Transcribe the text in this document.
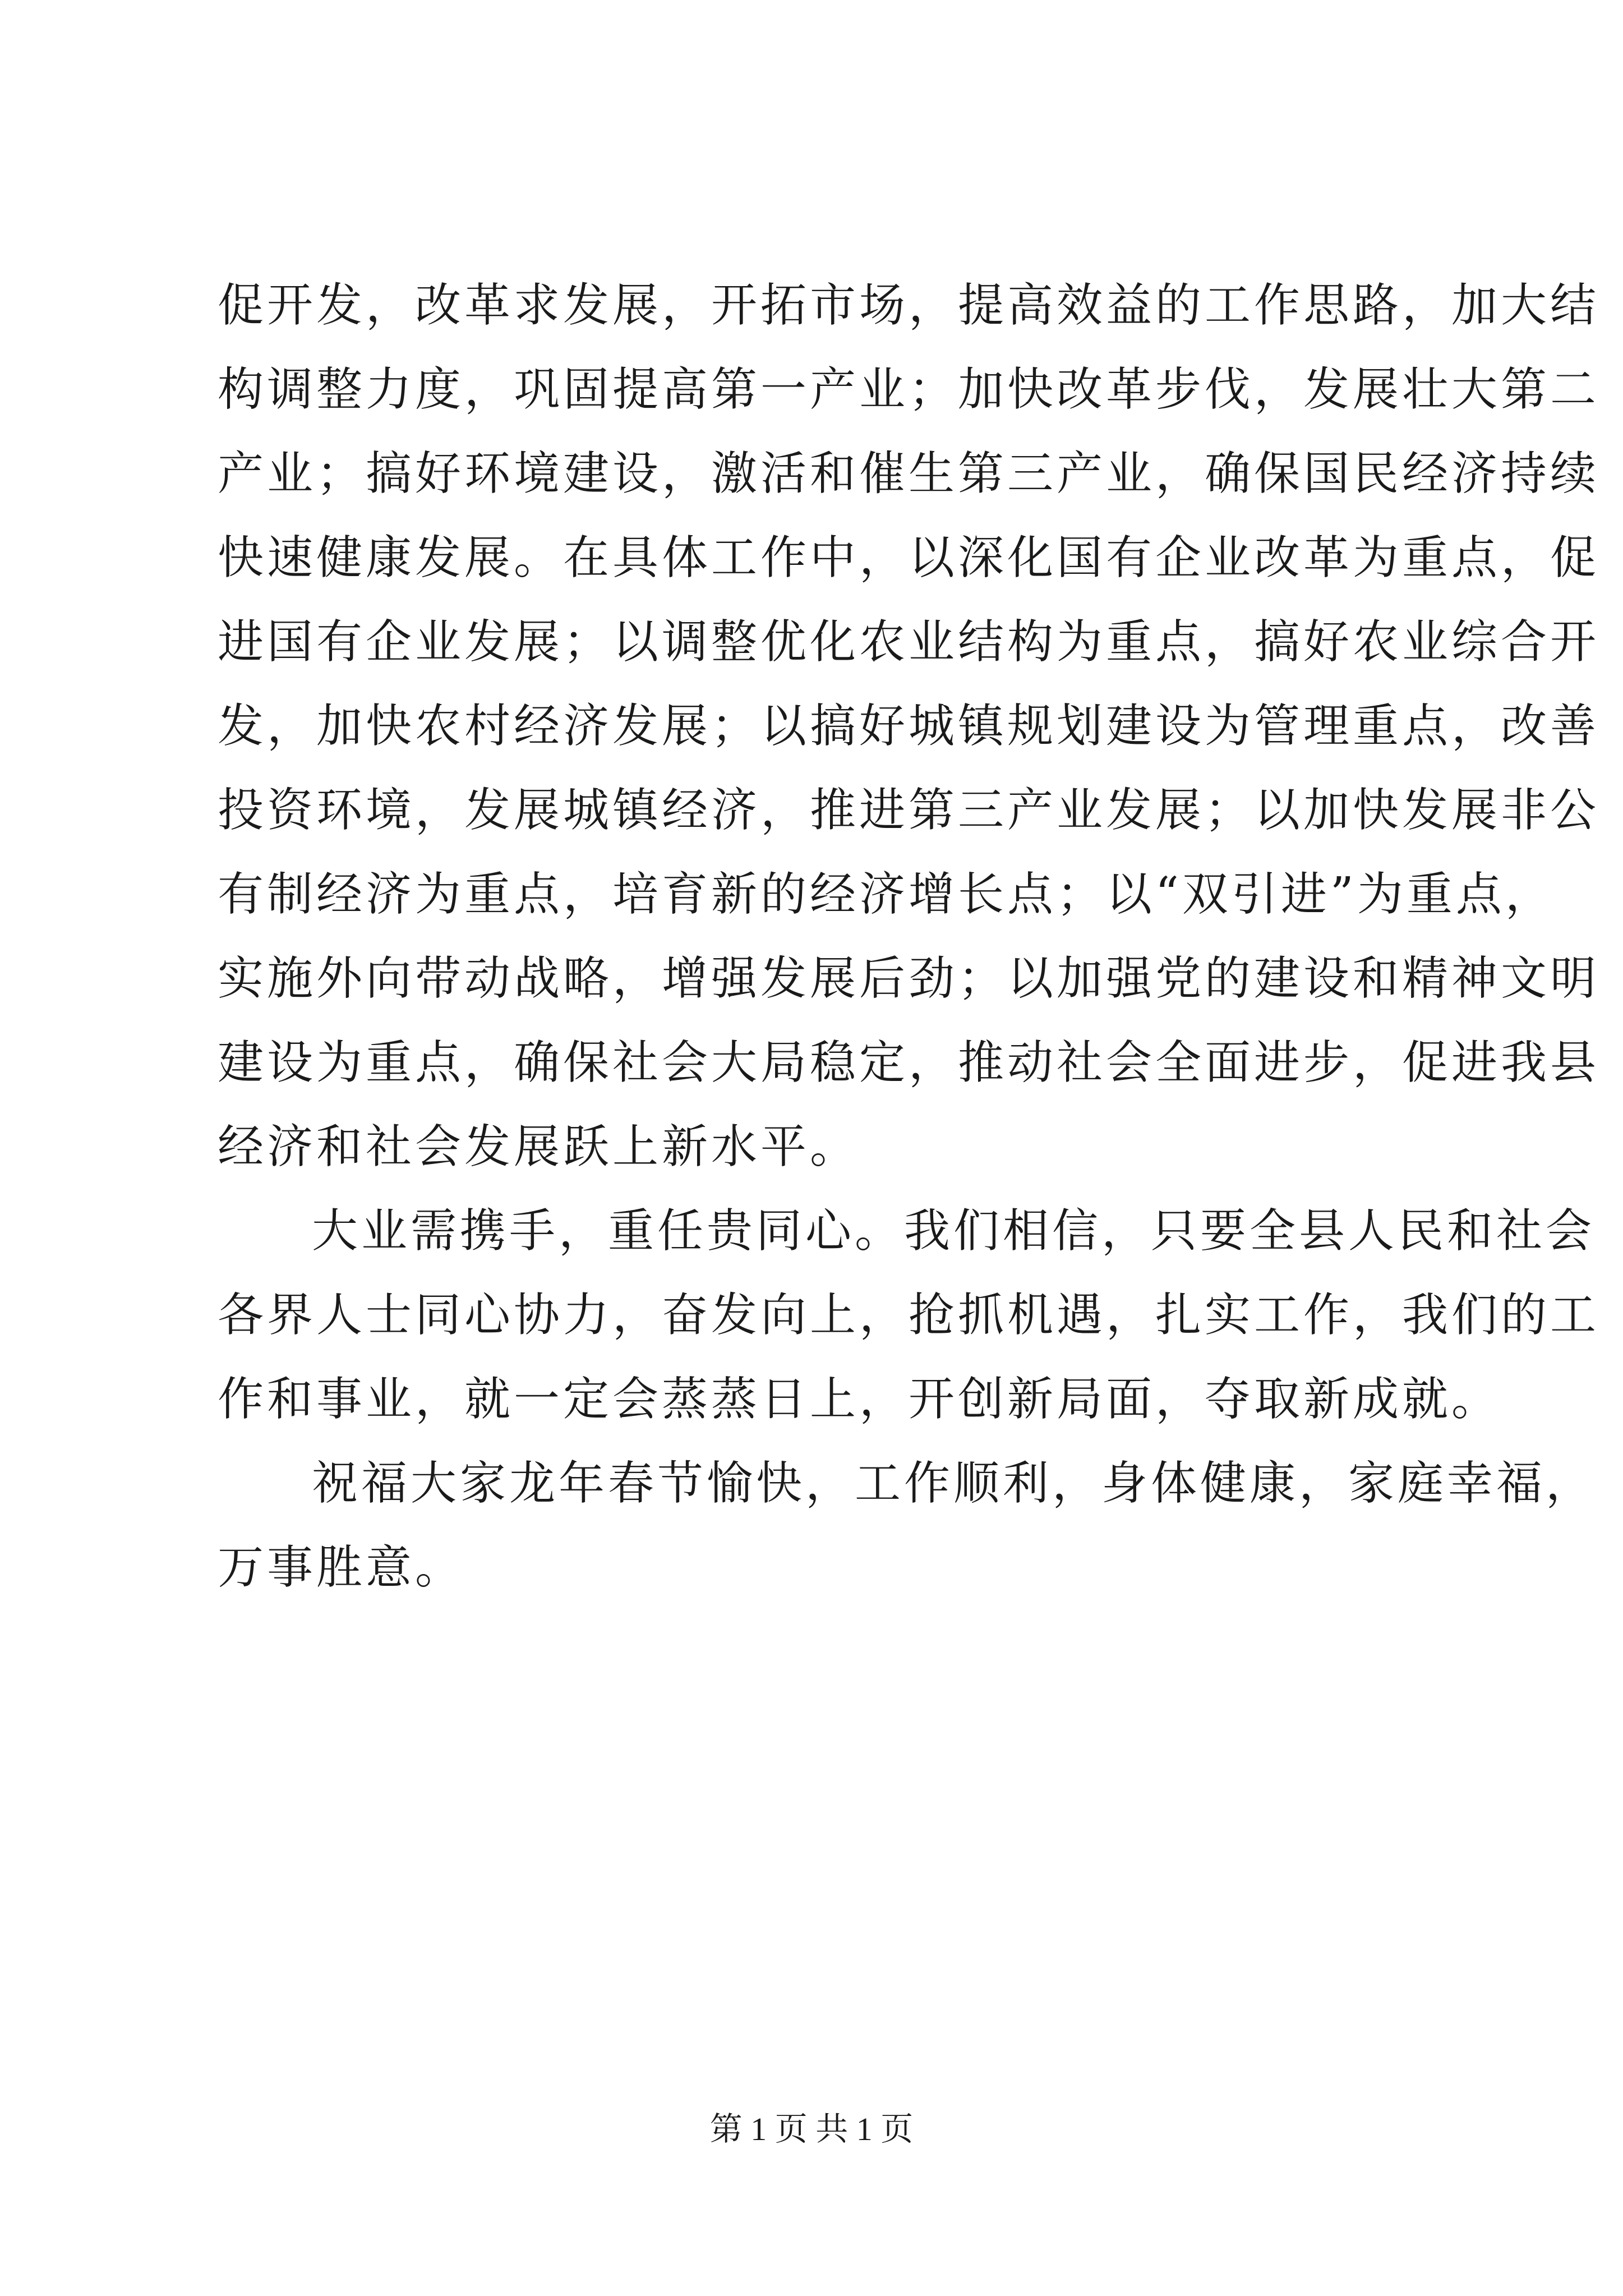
促开发，改革求发展，开拓市场，提高效益的工作思路，加大结
构调整力度，巩固提高第一产业；加快改革步伐，发展壮大第二
产业；搞好环境建设，激活和催生第三产业，确保国民经济持续
快速健康发展。在具体工作中，以深化国有企业改革为重点，促
进国有企业发展；以调整优化农业结构为重点，搞好农业综合开
发，加快农村经济发展；以搞好城镇规划建设为管理重点，改善
投资环境，发展城镇经济，推进第三产业发展；以加快发展非公
有制经济为重点，培育新的经济增长点；以“双引进”为重点，
实施外向带动战略，增强发展后劲；以加强党的建设和精神文明
建设为重点，确保社会大局稳定，推动社会全面进步，促进我县
经济和社会发展跃上新水平。
大业需携手，重任贵同心。我们相信，只要全县人民和社会
各界人士同心协力，奋发向上，抢抓机遇，扎实工作，我们的工
作和事业，就一定会蒸蒸日上，开创新局面，夺取新成就。
祝福大家龙年春节愉快，工作顺利，身体健康，家庭幸福，
万事胜意。
第 1 页 共 1 页
